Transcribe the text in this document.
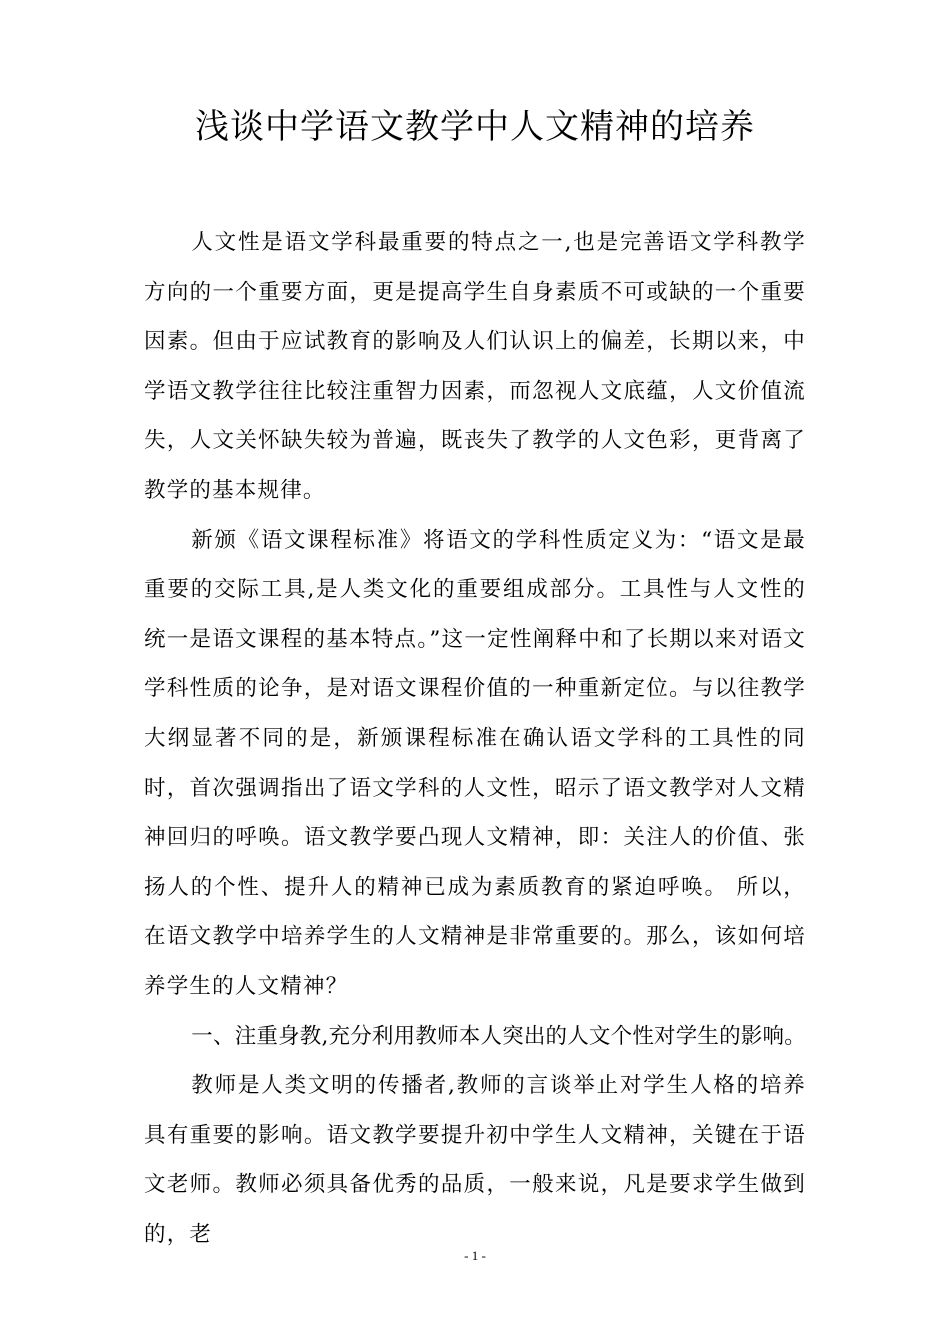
浅谈中学语文教学中人文精神的培养

人文性是语文学科最重要的特点之一,也是完善语文学科教学方向的一个重要方面，更是提高学生自身素质不可或缺的一个重要因素。但由于应试教育的影响及人们认识上的偏差，长期以来，中学语文教学往往比较注重智力因素，而忽视人文底蕴，人文价值流失，人文关怀缺失较为普遍，既丧失了教学的人文色彩，更背离了教学的基本规律。

新颁《语文课程标准》将语文的学科性质定义为：“语文是最重要的交际工具,是人类文化的重要组成部分。工具性与人文性的统一是语文课程的基本特点。”这一定性阐释中和了长期以来对语文学科性质的论争，是对语文课程价值的一种重新定位。与以往教学大纲显著不同的是，新颁课程标准在确认语文学科的工具性的同时，首次强调指出了语文学科的人文性，昭示了语文教学对人文精神回归的呼唤。语文教学要凸现人文精神，即：关注人的价值、张扬人的个性、提升人的精神已成为素质教育的紧迫呼唤。 所以，在语文教学中培养学生的人文精神是非常重要的。那么，该如何培养学生的人文精神？

一、注重身教,充分利用教师本人突出的人文个性对学生的影响。

教师是人类文明的传播者,教师的言谈举止对学生人格的培养具有重要的影响。语文教学要提升初中学生人文精神，关键在于语文老师。教师必须具备优秀的品质，一般来说，凡是要求学生做到的，老

- 1 -
